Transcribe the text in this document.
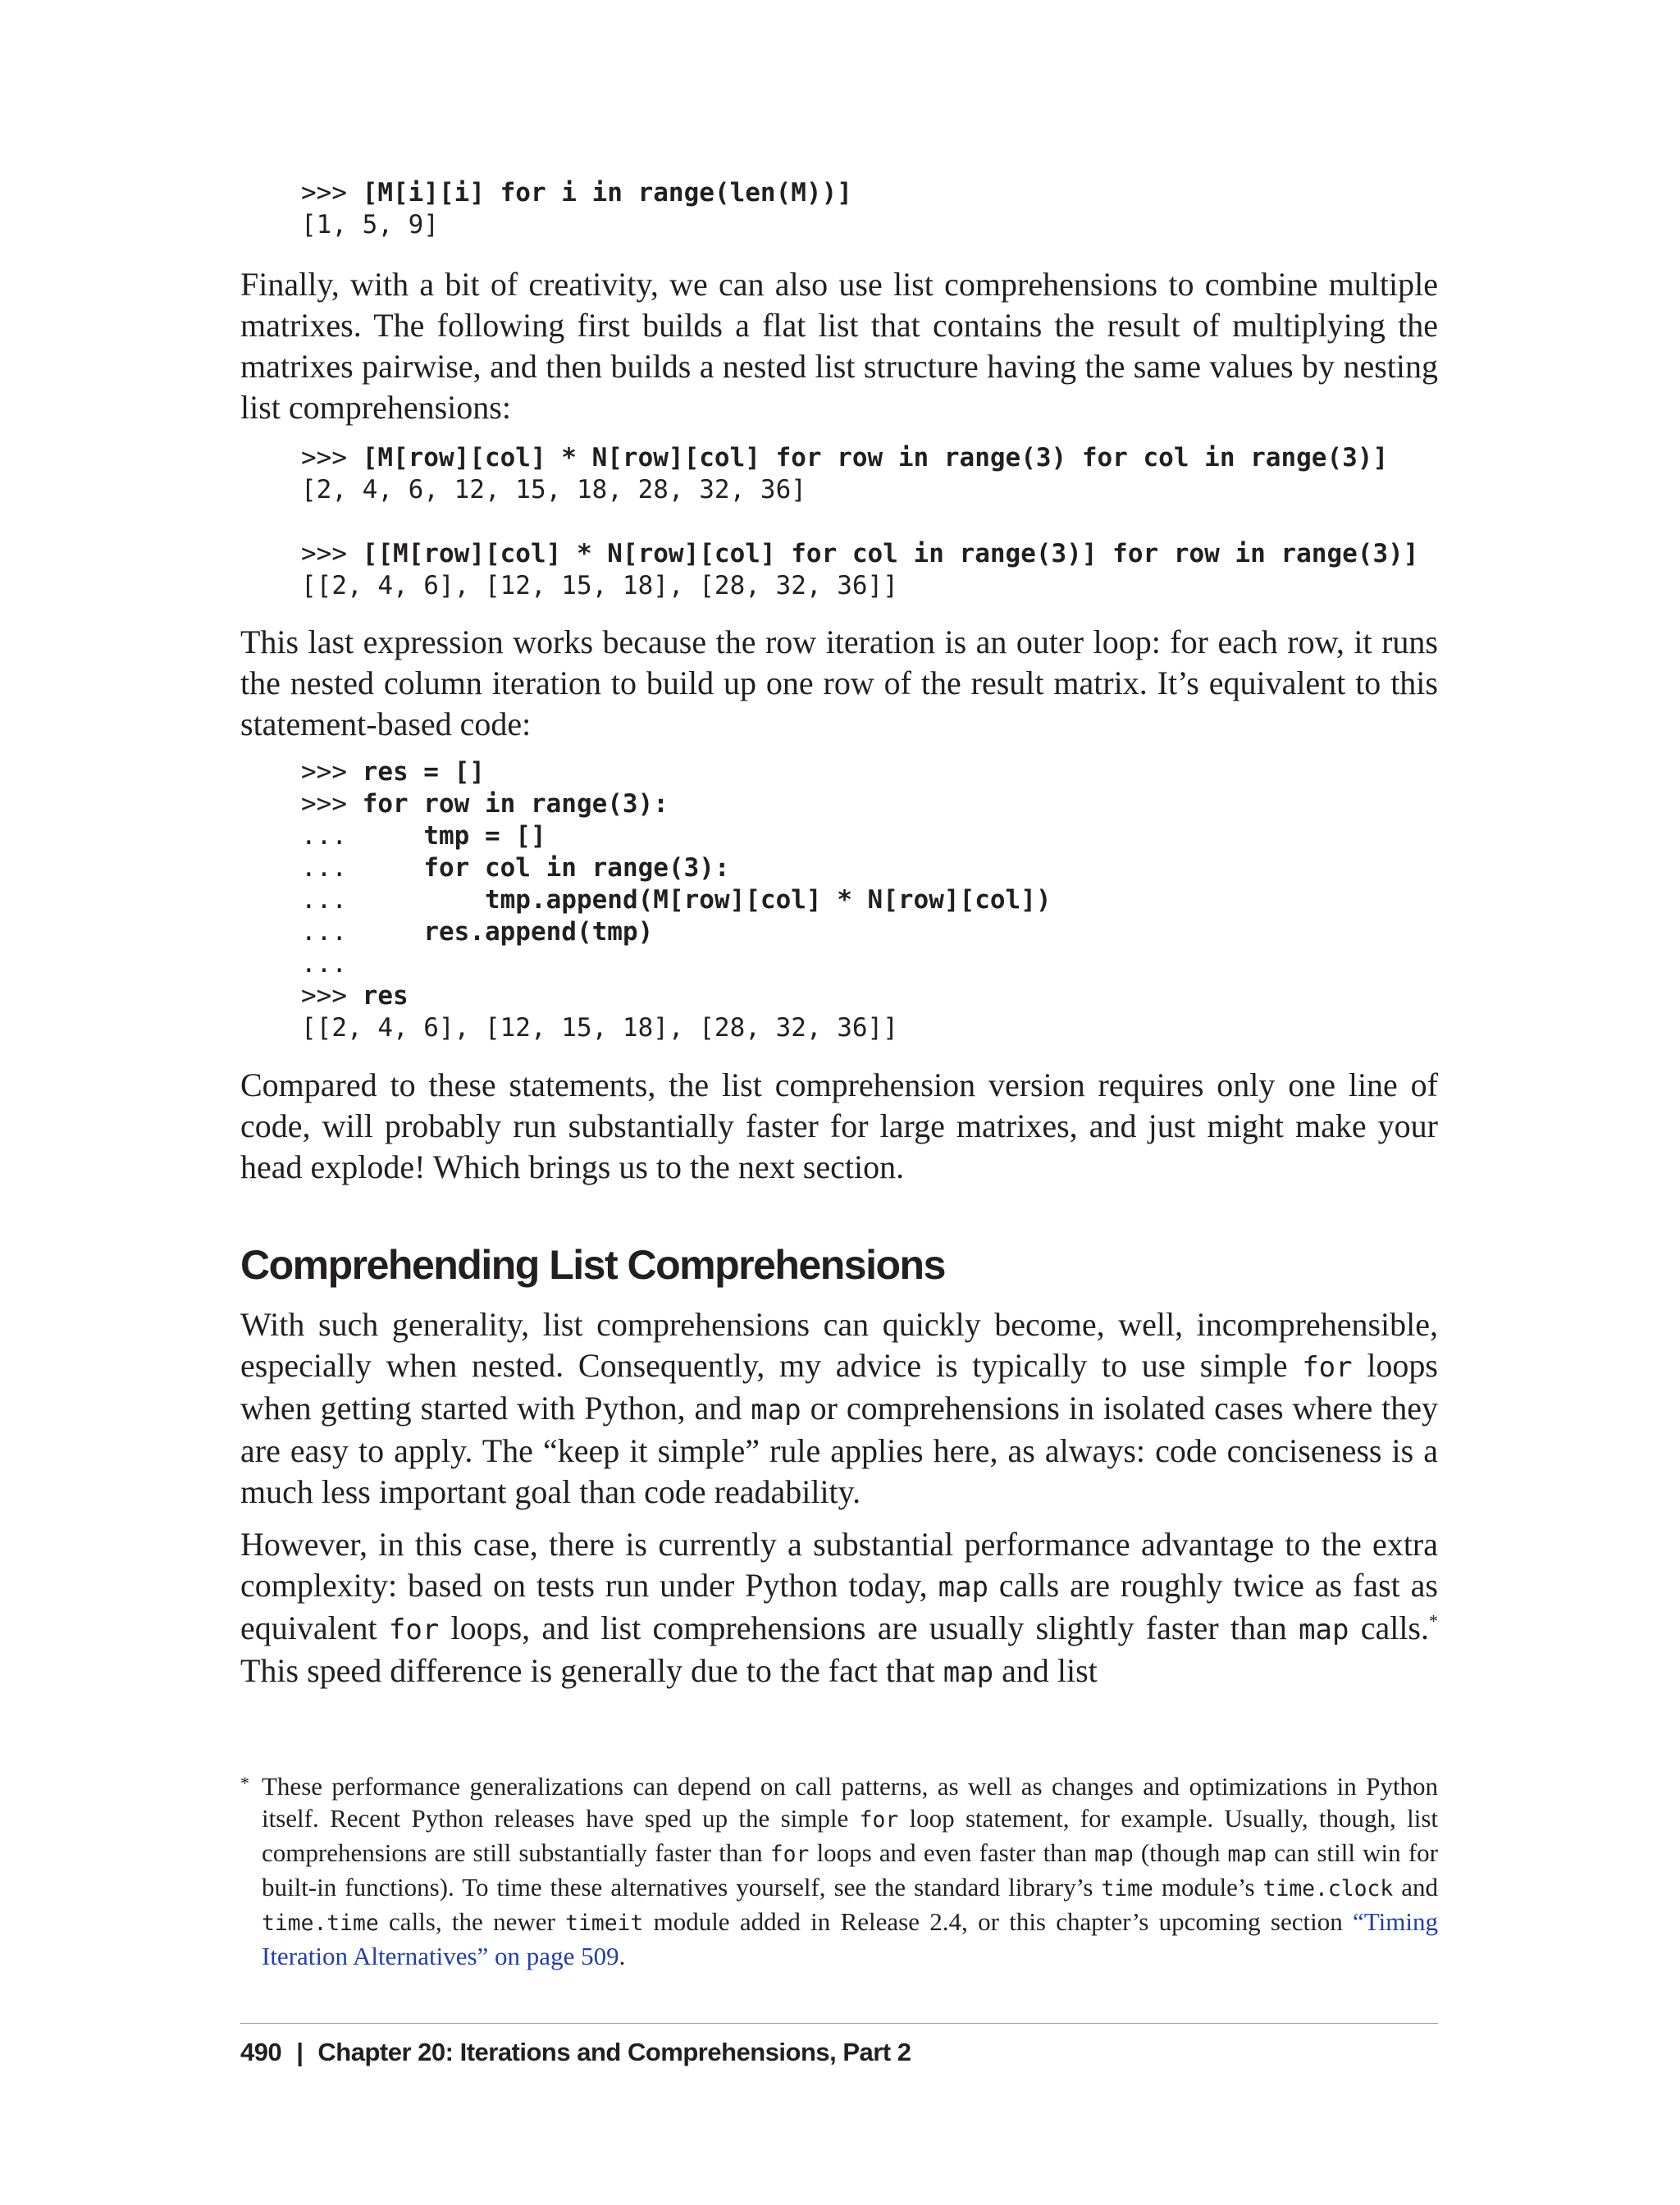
>>> [M[i][i] for i in range(len(M))]
[1, 5, 9]

Finally, with a bit of creativity, we can also use list comprehensions to combine multiple matrixes. The following first builds a flat list that contains the result of multiplying the matrixes pairwise, and then builds a nested list structure having the same values by nesting list comprehensions:

>>> [M[row][col] * N[row][col] for row in range(3) for col in range(3)]
[2, 4, 6, 12, 15, 18, 28, 32, 36]

>>> [[M[row][col] * N[row][col] for col in range(3)] for row in range(3)]
[[2, 4, 6], [12, 15, 18], [28, 32, 36]]

This last expression works because the row iteration is an outer loop: for each row, it runs the nested column iteration to build up one row of the result matrix. It’s equivalent to this statement-based code:

>>> res = []
>>> for row in range(3):
...     tmp = []
...     for col in range(3):
...         tmp.append(M[row][col] * N[row][col])
...     res.append(tmp)
...
>>> res
[[2, 4, 6], [12, 15, 18], [28, 32, 36]]

Compared to these statements, the list comprehension version requires only one line of code, will probably run substantially faster for large matrixes, and just might make your head explode! Which brings us to the next section.

Comprehending List Comprehensions

With such generality, list comprehensions can quickly become, well, incomprehensible, especially when nested. Consequently, my advice is typically to use simple for loops when getting started with Python, and map or comprehensions in isolated cases where they are easy to apply. The “keep it simple” rule applies here, as always: code conciseness is a much less important goal than code readability.

However, in this case, there is currently a substantial performance advantage to the extra complexity: based on tests run under Python today, map calls are roughly twice as fast as equivalent for loops, and list comprehensions are usually slightly faster than map calls.* This speed difference is generally due to the fact that map and list

* These performance generalizations can depend on call patterns, as well as changes and optimizations in Python itself. Recent Python releases have sped up the simple for loop statement, for example. Usually, though, list comprehensions are still substantially faster than for loops and even faster than map (though map can still win for built-in functions). To time these alternatives yourself, see the standard library’s time module’s time.clock and time.time calls, the newer timeit module added in Release 2.4, or this chapter’s upcoming section “Timing Iteration Alternatives” on page 509.

490 | Chapter 20: Iterations and Comprehensions, Part 2
